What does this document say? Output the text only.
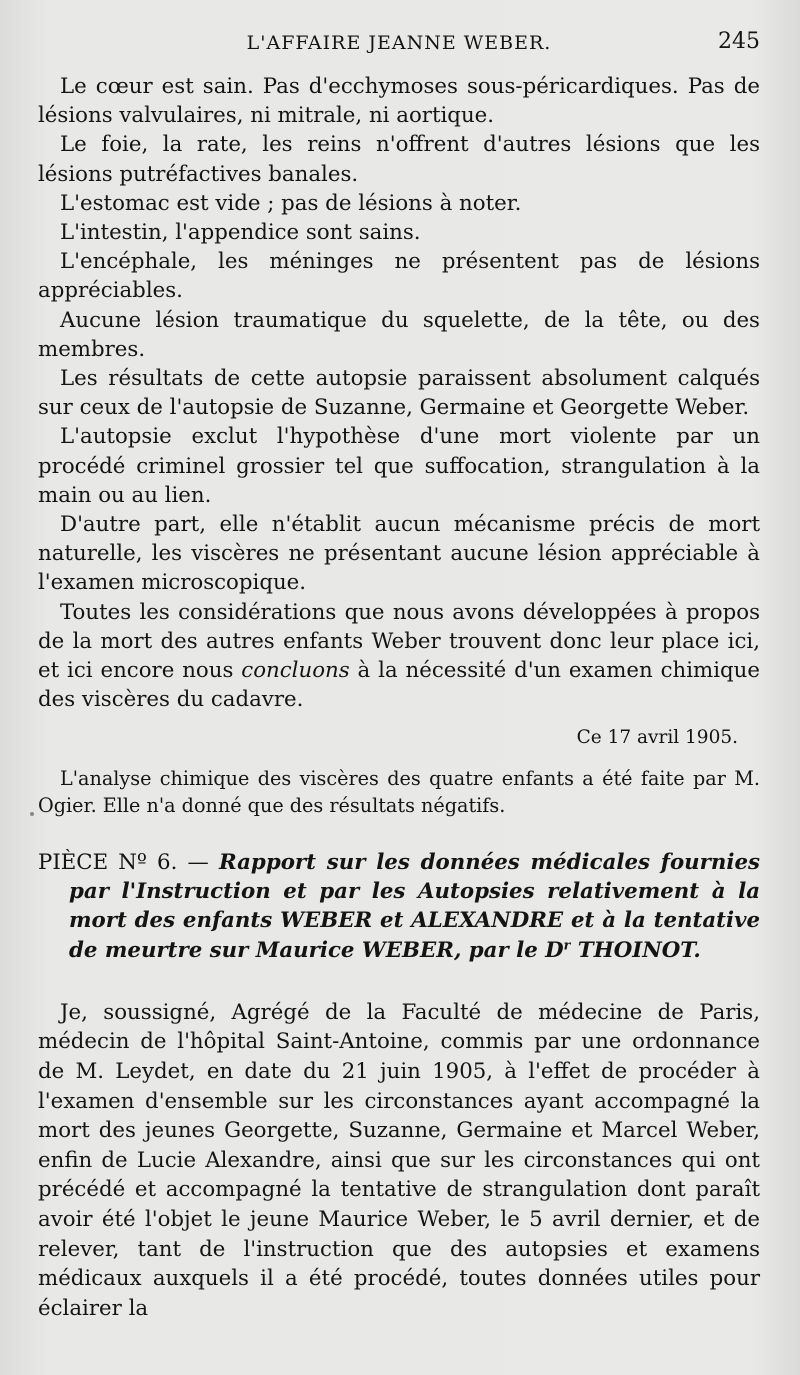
L'AFFAIRE JEANNE WEBER.	245

Le cœur est sain. Pas d'ecchymoses sous-péricardiques. Pas de lésions valvulaires, ni mitrale, ni aortique.

Le foie, la rate, les reins n'offrent d'autres lésions que les lésions putréfactives banales.

L'estomac est vide ; pas de lésions à noter.

L'intestin, l'appendice sont sains.

L'encéphale, les méninges ne présentent pas de lésions appréciables.

Aucune lésion traumatique du squelette, de la tête, ou des membres.

Les résultats de cette autopsie paraissent absolument calqués sur ceux de l'autopsie de Suzanne, Germaine et Georgette Weber.

L'autopsie exclut l'hypothèse d'une mort violente par un procédé criminel grossier tel que suffocation, strangulation à la main ou au lien.

D'autre part, elle n'établit aucun mécanisme précis de mort naturelle, les viscères ne présentant aucune lésion appréciable à l'examen microscopique.

Toutes les considérations que nous avons développées à propos de la mort des autres enfants Weber trouvent donc leur place ici, et ici encore nous concluons à la nécessité d'un examen chimique des viscères du cadavre.

Ce 17 avril 1905.
L'analyse chimique des viscères des quatre enfants a été faite par M. Ogier. Elle n'a donné que des résultats négatifs.
PIÈCE Nº 6. — Rapport sur les données médicales fournies par l'Instruction et par les Autopsies relativement à la mort des enfants WEBER et ALEXANDRE et à la tentative de meurtre sur Maurice WEBER, par le $D^r$ THOINOT.

Je, soussigné, Agrégé de la Faculté de médecine de Paris, médecin de l'hôpital Saint-Antoine, commis par une ordonnance de M. Leydet, en date du 21 juin 1905, à l'effet de procéder à l'examen d'ensemble sur les circonstances ayant accompagné la mort des jeunes Georgette, Suzanne, Germaine et Marcel Weber, enfin de Lucie Alexandre, ainsi que sur les circonstances qui ont précédé et accompagné la tentative de strangulation dont paraît avoir été l'objet le jeune Maurice Weber, le 5 avril dernier, et de relever, tant de l'instruction que des autopsies et examens médicaux auxquels il a été procédé, toutes données utiles pour éclairer la
